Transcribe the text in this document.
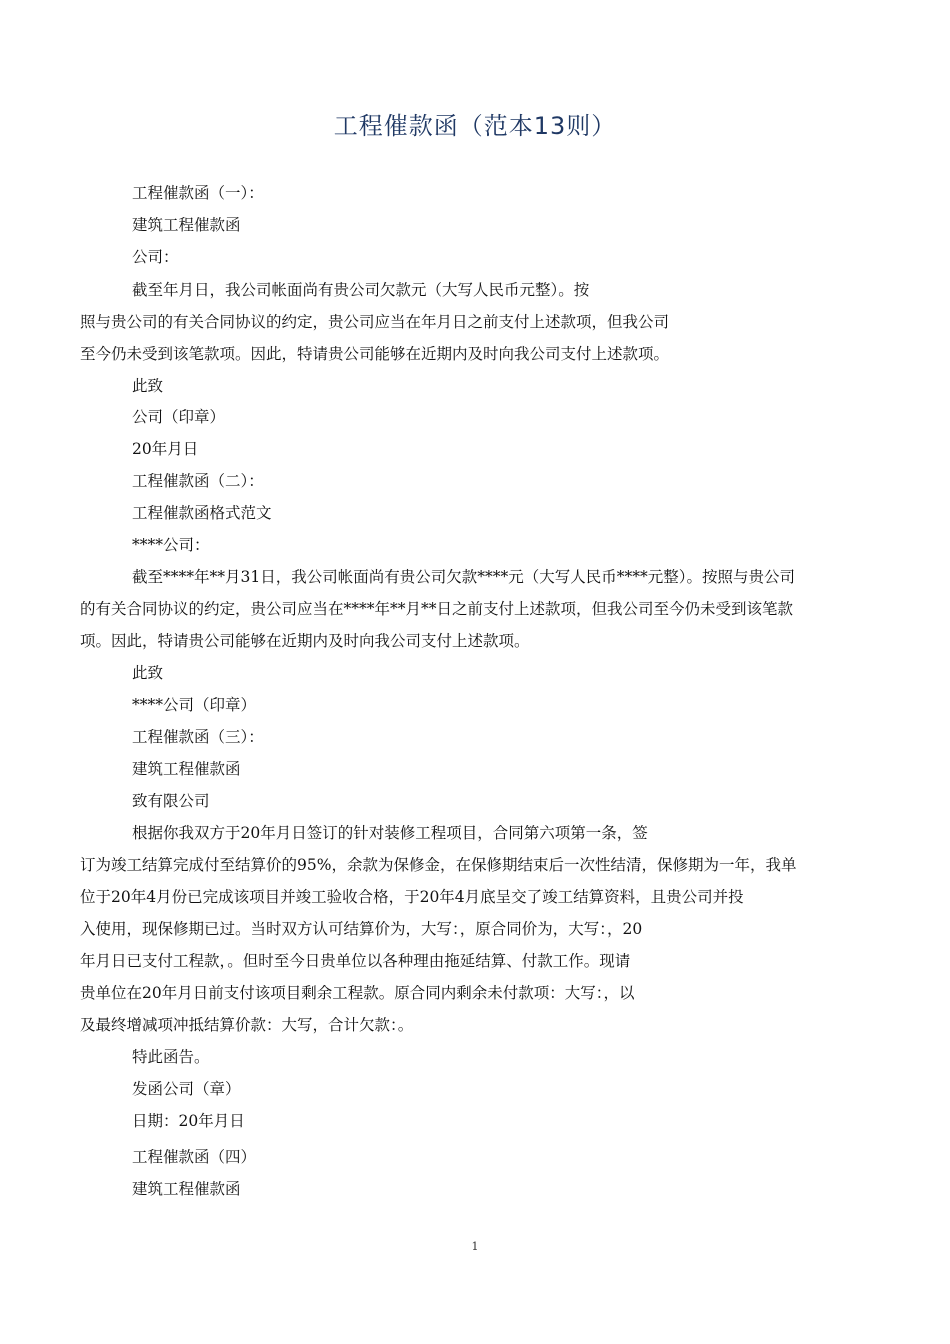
工程催款函（范本13则）
工程催款函（一）：
建筑工程催款函
公司：
截至年月日，我公司帐面尚有贵公司欠款元（大写人民币元整）。按
照与贵公司的有关合同协议的约定，贵公司应当在年月日之前支付上述款项，但我公司
至今仍未受到该笔款项。因此，特请贵公司能够在近期内及时向我公司支付上述款项。
此致
公司（印章）
20年月日
工程催款函（二）：
工程催款函格式范文
****公司：
截至****年**月31日，我公司帐面尚有贵公司欠款****元（大写人民币****元整）。按照与贵公司
的有关合同协议的约定，贵公司应当在****年**月**日之前支付上述款项，但我公司至今仍未受到该笔款
项。因此，特请贵公司能够在近期内及时向我公司支付上述款项。
此致
****公司（印章）
工程催款函（三）：
建筑工程催款函
致有限公司
根据你我双方于20年月日签订的针对装修工程项目，合同第六项第一条，签
订为竣工结算完成付至结算价的95%，余款为保修金，在保修期结束后一次性结清，保修期为一年，我单
位于20年4月份已完成该项目并竣工验收合格，于20年4月底呈交了竣工结算资料，且贵公司并投
入使用，现保修期已过。当时双方认可结算价为，大写：，原合同价为，大写：，20
年月日已支付工程款，。但时至今日贵单位以各种理由拖延结算、付款工作。现请
贵单位在20年月日前支付该项目剩余工程款。原合同内剩余未付款项：大写：，以
及最终增减项冲抵结算价款：大写，合计欠款：。
特此函告。
发函公司（章）
日期：20年月日
工程催款函（四）
建筑工程催款函
1
